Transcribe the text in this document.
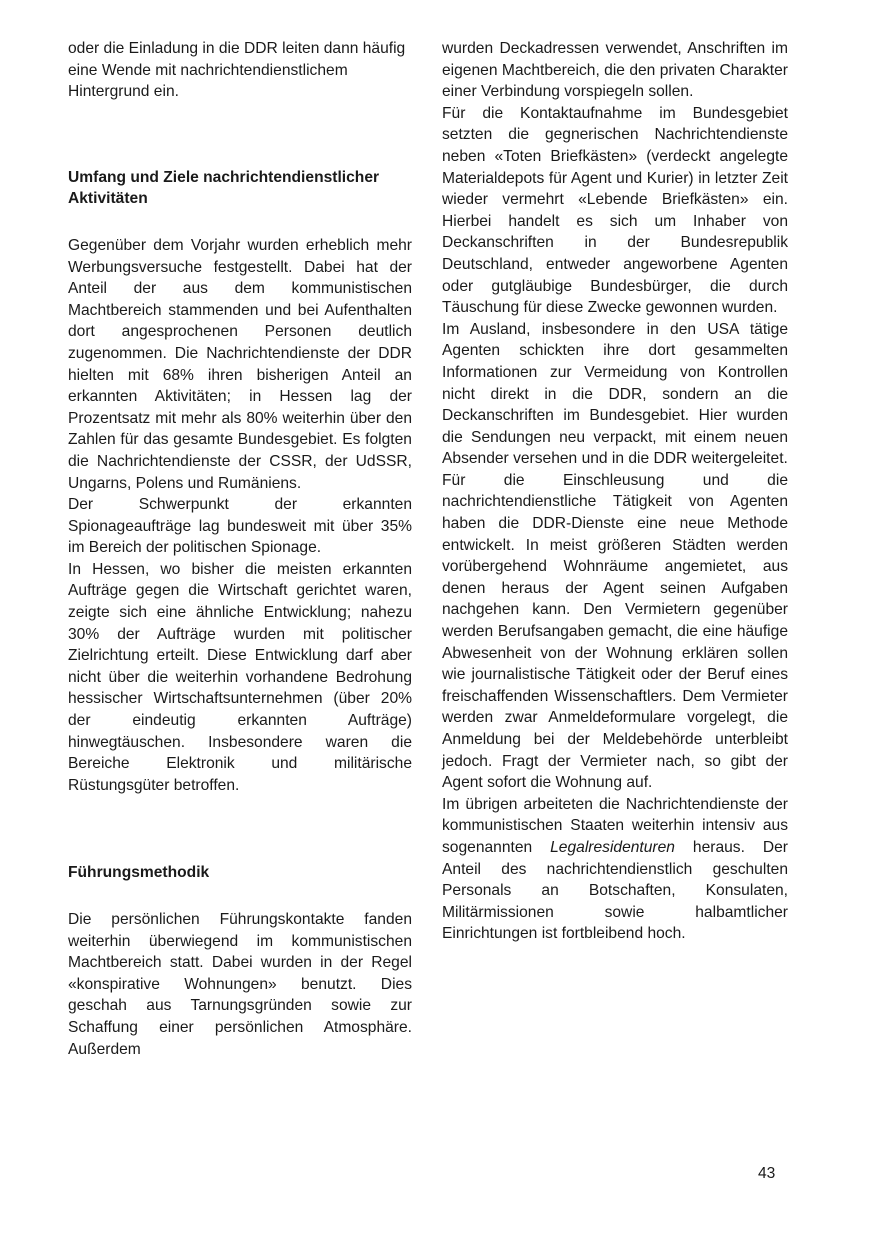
oder die Einladung in die DDR leiten dann häufig eine Wende mit nachrichtendienstlichem Hintergrund ein.

Umfang und Ziele nachrichtendienstlicher Aktivitäten

Gegenüber dem Vorjahr wurden erheblich mehr Werbungsversuche festgestellt. Dabei hat der Anteil der aus dem kommunistischen Machtbereich stammenden und bei Aufenthalten dort angesprochenen Personen deutlich zugenommen. Die Nachrichtendienste der DDR hielten mit 68% ihren bisherigen Anteil an erkannten Aktivitäten; in Hessen lag der Prozentsatz mit mehr als 80% weiterhin über den Zahlen für das gesamte Bundesgebiet. Es folgten die Nachrichtendienste der CSSR, der UdSSR, Ungarns, Polens und Rumäniens.

Der Schwerpunkt der erkannten Spionageaufträge lag bundesweit mit über 35% im Bereich der politischen Spionage.

In Hessen, wo bisher die meisten erkannten Aufträge gegen die Wirtschaft gerichtet waren, zeigte sich eine ähnliche Entwicklung; nahezu 30% der Aufträge wurden mit politischer Zielrichtung erteilt. Diese Entwicklung darf aber nicht über die weiterhin vorhandene Bedrohung hessischer Wirtschaftsunternehmen (über 20% der eindeutig erkannten Aufträge) hinwegtäuschen. Insbesondere waren die Bereiche Elektronik und militärische Rüstungsgüter betroffen.

Führungsmethodik

Die persönlichen Führungskontakte fanden weiterhin überwiegend im kommunistischen Machtbereich statt. Dabei wurden in der Regel «konspirative Wohnungen» benutzt. Dies geschah aus Tarnungsgründen sowie zur Schaffung einer persönlichen Atmosphäre. Außerdem

wurden Deckadressen verwendet, Anschriften im eigenen Machtbereich, die den privaten Charakter einer Verbindung vorspiegeln sollen.

Für die Kontaktaufnahme im Bundesgebiet setzten die gegnerischen Nachrichtendienste neben «Toten Briefkästen» (verdeckt angelegte Materialdepots für Agent und Kurier) in letzter Zeit wieder vermehrt «Lebende Briefkästen» ein. Hierbei handelt es sich um Inhaber von Deckanschriften in der Bundesrepublik Deutschland, entweder angeworbene Agenten oder gutgläubige Bundesbürger, die durch Täuschung für diese Zwecke gewonnen wurden.

Im Ausland, insbesondere in den USA tätige Agenten schickten ihre dort gesammelten Informationen zur Vermeidung von Kontrollen nicht direkt in die DDR, sondern an die Deckanschriften im Bundesgebiet. Hier wurden die Sendungen neu verpackt, mit einem neuen Absender versehen und in die DDR weitergeleitet.

Für die Einschleusung und die nachrichtendienstliche Tätigkeit von Agenten haben die DDR-Dienste eine neue Methode entwickelt. In meist größeren Städten werden vorübergehend Wohnräume angemietet, aus denen heraus der Agent seinen Aufgaben nachgehen kann. Den Vermietern gegenüber werden Berufsangaben gemacht, die eine häufige Abwesenheit von der Wohnung erklären sollen wie journalistische Tätigkeit oder der Beruf eines freischaffenden Wissenschaftlers. Dem Vermieter werden zwar Anmeldeformulare vorgelegt, die Anmeldung bei der Meldebehörde unterbleibt jedoch. Fragt der Vermieter nach, so gibt der Agent sofort die Wohnung auf.

Im übrigen arbeiteten die Nachrichtendienste der kommunistischen Staaten weiterhin intensiv aus sogenannten Legalresidenturen heraus. Der Anteil des nachrichtendienstlich geschulten Personals an Botschaften, Konsulaten, Militärmissionen sowie halbamtlicher Einrichtungen ist fortbleibend hoch.

43
